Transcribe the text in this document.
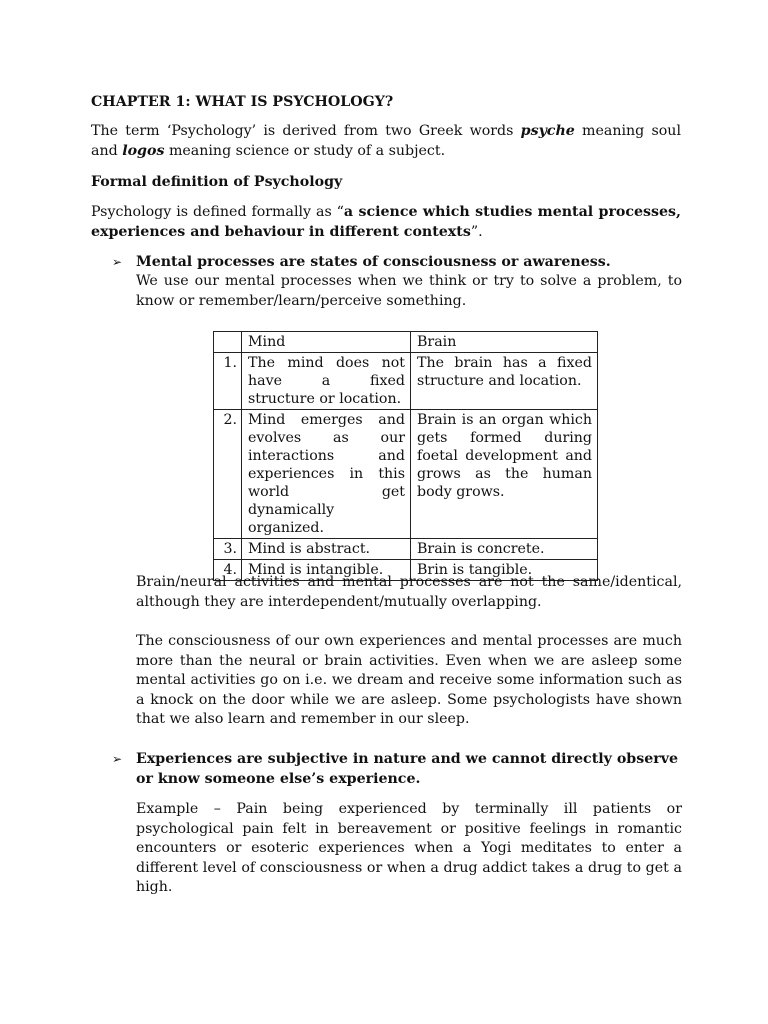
CHAPTER 1: WHAT IS PSYCHOLOGY?
The term ‘Psychology’ is derived from two Greek words psyche meaning soul and logos meaning science or study of a subject.
Formal definition of Psychology
Psychology is defined formally as “a science which studies mental processes, experiences and behaviour in different contexts”.
➢ Mental processes are states of consciousness or awareness.
We use our mental processes when we think or try to solve a problem, to know or remember/learn/perceive something.
	Mind	Brain
1.	The mind does not have a fixed structure or location.	The brain has a fixed structure and location.
2.	Mind emerges and evolves as our interactions and experiences in this world get dynamically organized.	Brain is an organ which gets formed during foetal development and grows as the human body grows.
3.	Mind is abstract.	Brain is concrete.
4.	Mind is intangible.	Brin is tangible.
Brain/neural activities and mental processes are not the same/identical, although they are interdependent/mutually overlapping.
The consciousness of our own experiences and mental processes are much more than the neural or brain activities. Even when we are asleep some mental activities go on i.e. we dream and receive some information such as a knock on the door while we are asleep. Some psychologists have shown that we also learn and remember in our sleep.
➢ Experiences are subjective in nature and we cannot directly observe or know someone else’s experience.
Example – Pain being experienced by terminally ill patients or psychological pain felt in bereavement or positive feelings in romantic encounters or esoteric experiences when a Yogi meditates to enter a different level of consciousness or when a drug addict takes a drug to get a high.
